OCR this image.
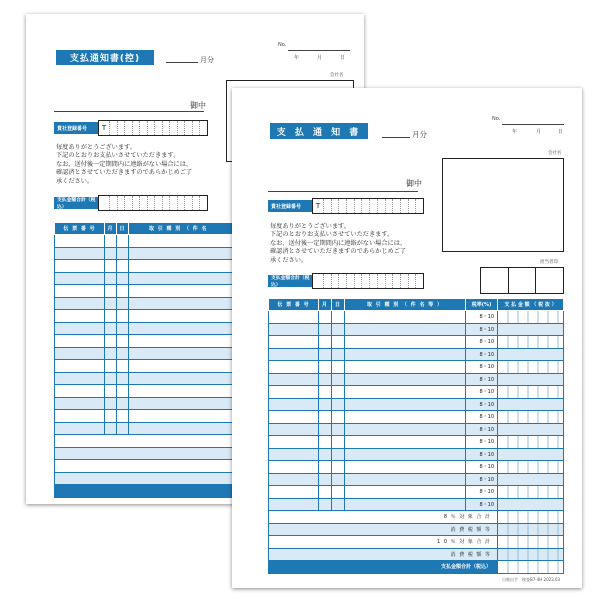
支払通知書(控)	月分
No.
年	月	日
会社名
御中
貴社登録番号	T
毎度ありがとうございます。
下記のとおりお支払いさせていただきます。
なお、送付後一定期間内に連絡がない場合には、
確認済とさせていただきますのであらかじめご了
承ください。
支払金額合計（税込）
伝 票 番 号	月	日	取 引 種 別 （ 件 名

支 払 通 知 書	月分
No.
年	月	日
会社名
御中
貴社登録番号	T
毎度ありがとうございます。
下記のとおりお支払いさせていただきます。
なお、送付後一定期間内に連絡がない場合には、
確認済とさせていただきますのであらかじめご了
承ください。
支払金額合計（税込）
担当者印
伝 票 番 号	月	日	取 引 種 別 （ 件 名 等 ）	税率(%)	支 払 金 額 （ 税 抜 ）
				8・10	
				8・10	
				8・10	
				8・10	
				8・10	
				8・10	
				8・10	
				8・10	
				8・10	
				8・10	
				8・10	
				8・10	
				8・10	
				8・10	
				8・10	
				8・10	
8 ％ 対 象 合 計					
消 費 税 額 等					
1 0 ％ 対 象 合 計					
消 費 税 額 等					
支払金額合計（税込）					
日進出手 検査B7-4H 2023.03
